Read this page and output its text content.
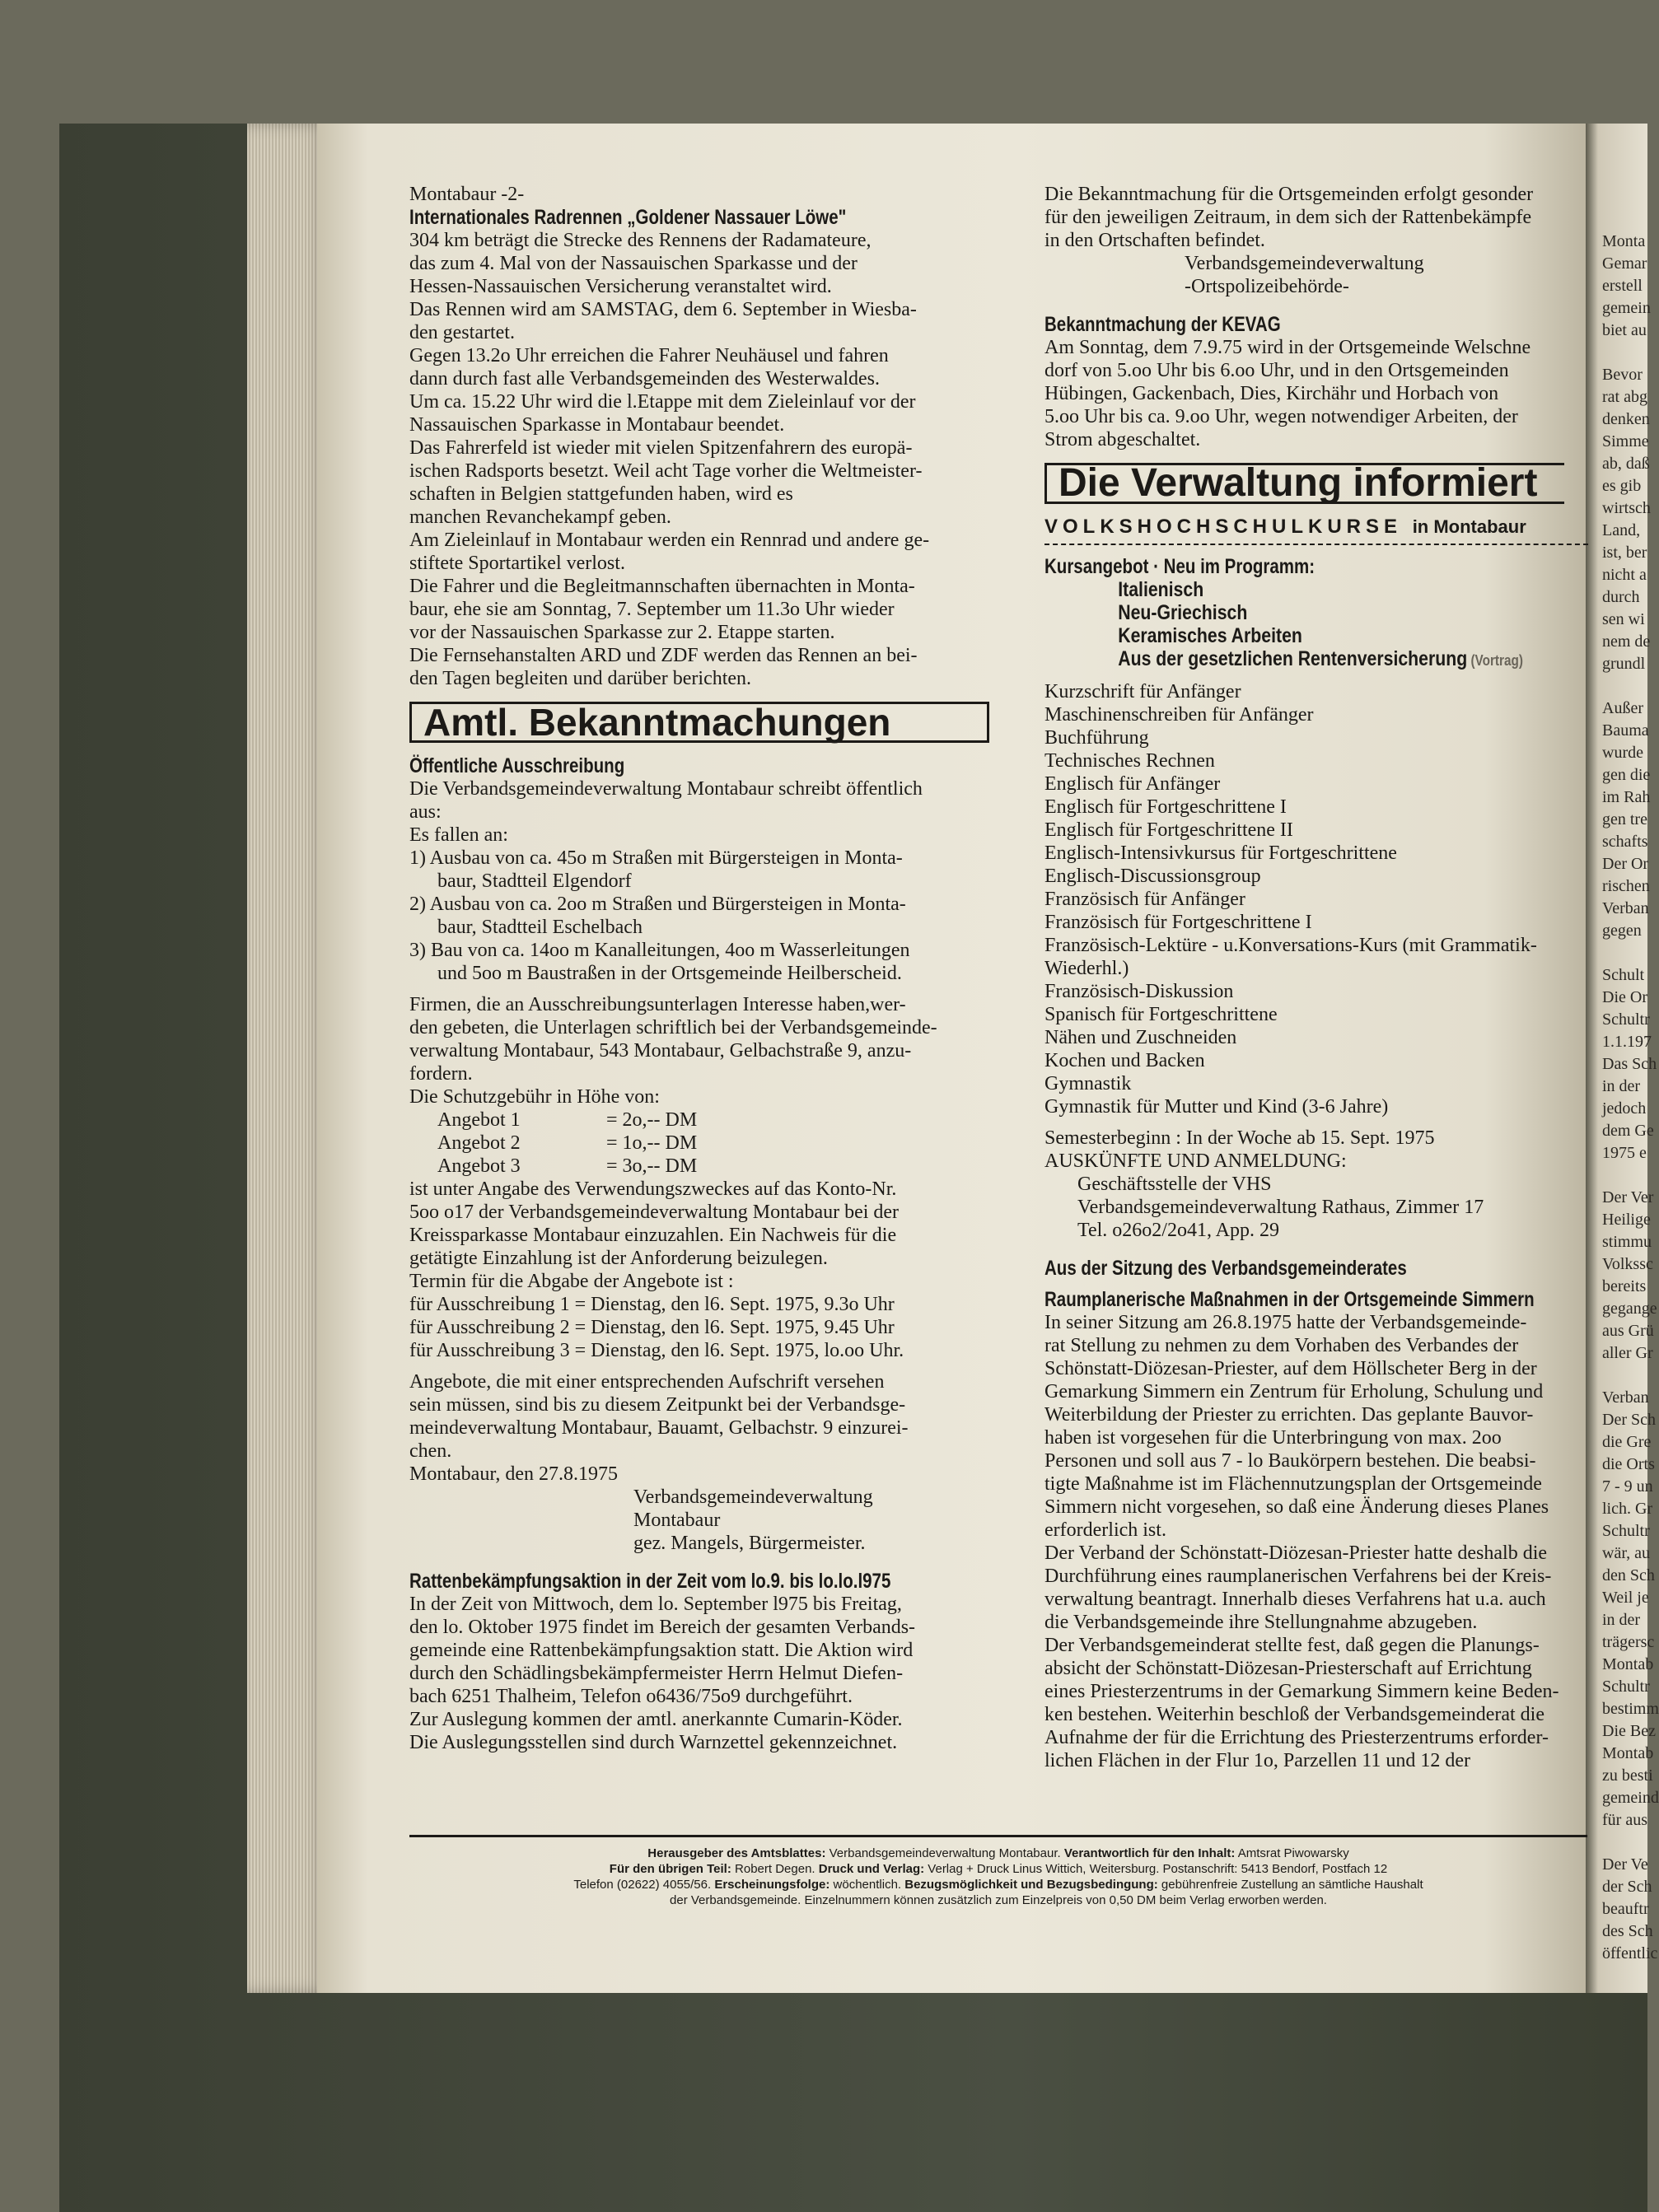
Monta
Gemar
erstell
gemein
biet au

Bevor
rat abg
denken
Simme
ab, daß
es gib
wirtsch
Land,
ist, ber
nicht a
durch
sen wi
nem de
grundl

Außer
Bauma
wurde
gen die
im Rah
gen tre
schafts
Der Or
rischen
Verban
gegen

Schult
Die Or
Schultr
1.1.197
Das Sch
in der
jedoch
dem Ge
1975 e

Der Ver
Heilige
stimmu
Volkssc
bereits
gegange
aus Grü
aller Gr

Verban
Der Sch
die Gre
die Orts
7 - 9 un
lich. Gr
Schultr
wär, au
den Sch
Weil je
in der
trägersc
Montab
Schultr
bestimm
Die Bez
Montab
zu besti
gemeind
für aus

Der Ve
der Sch
beauftr
des Sch
öffentlic

Montabaur -2-

Internationales Radrennen „Goldener Nassauer Löwe"

304 km beträgt die Strecke des Rennens der Radamateure,

das zum 4. Mal von der Nassauischen Sparkasse und der

Hessen-Nassauischen Versicherung veranstaltet wird.

Das Rennen wird am SAMSTAG, dem 6. September in Wiesba-

den gestartet.

Gegen 13.2o Uhr erreichen die Fahrer Neuhäusel und fahren

dann durch fast alle Verbandsgemeinden des Westerwaldes.

Um ca. 15.22 Uhr wird die l.Etappe mit dem Zieleinlauf vor der

Nassauischen Sparkasse in Montabaur beendet.

Das Fahrerfeld ist wieder mit vielen Spitzenfahrern des europä-

ischen Radsports besetzt. Weil acht Tage vorher die Weltmeister-

schaften in Belgien stattgefunden haben, wird es

manchen Revanchekampf geben.

Am Zieleinlauf in Montabaur werden ein Rennrad und andere ge-

stiftete Sportartikel verlost.

Die Fahrer und die Begleitmannschaften übernachten in Monta-

baur, ehe sie am Sonntag, 7. September um 11.3o Uhr wieder

vor der Nassauischen Sparkasse zur 2. Etappe starten.

Die Fernsehanstalten ARD und ZDF werden das Rennen an bei-

den Tagen begleiten und darüber berichten.

Amtl. Bekanntmachungen

Öffentliche Ausschreibung

Die Verbandsgemeindeverwaltung Montabaur schreibt öffentlich

aus:

Es fallen an:

1) Ausbau von ca. 45o m Straßen mit Bürgersteigen in Monta-

baur, Stadtteil Elgendorf

2) Ausbau von ca. 2oo m Straßen und Bürgersteigen in Monta-

baur, Stadtteil Eschelbach

3) Bau von ca. 14oo m Kanalleitungen, 4oo m Wasserleitungen

und 5oo m Baustraßen in der Ortsgemeinde Heilberscheid.

Firmen, die an Ausschreibungsunterlagen Interesse haben,wer-

den gebeten, die Unterlagen schriftlich bei der Verbandsgemeinde-

verwaltung Montabaur, 543 Montabaur, Gelbachstraße 9, anzu-

fordern.

Die Schutzgebühr in Höhe von:

Angebot 1	= 2o,-- DM
Angebot 2	= 1o,-- DM
Angebot 3	= 3o,-- DM

ist unter Angabe des Verwendungszweckes auf das Konto-Nr.

5oo o17 der Verbandsgemeindeverwaltung Montabaur bei der

Kreissparkasse Montabaur einzuzahlen. Ein Nachweis für die

getätigte Einzahlung ist der Anforderung beizulegen.

Termin für die Abgabe der Angebote ist :

für Ausschreibung 1 = Dienstag, den l6. Sept. 1975, 9.3o Uhr

für Ausschreibung 2 = Dienstag, den l6. Sept. 1975, 9.45 Uhr

für Ausschreibung 3 = Dienstag, den l6. Sept. 1975, lo.oo Uhr.

Angebote, die mit einer entsprechenden Aufschrift versehen

sein müssen, sind bis zu diesem Zeitpunkt bei der Verbandsge-

meindeverwaltung Montabaur, Bauamt, Gelbachstr. 9 einzurei-

chen.

Montabaur, den 27.8.1975

Verbandsgemeindeverwaltung

Montabaur

gez. Mangels, Bürgermeister.

Rattenbekämpfungsaktion in der Zeit vom lo.9. bis lo.lo.l975

In der Zeit von Mittwoch, dem lo. September l975 bis Freitag,

den lo. Oktober 1975 findet im Bereich der gesamten Verbands-

gemeinde eine Rattenbekämpfungsaktion statt. Die Aktion wird

durch den Schädlingsbekämpfermeister Herrn Helmut Diefen-

bach 6251 Thalheim, Telefon o6436/75o9 durchgeführt.

Zur Auslegung kommen der amtl. anerkannte Cumarin-Köder.

Die Auslegungsstellen sind durch Warnzettel gekennzeichnet.

Die Bekanntmachung für die Ortsgemeinden erfolgt gesonder

für den jeweiligen Zeitraum, in dem sich der Rattenbekämpfe

in den Ortschaften befindet.

Verbandsgemeindeverwaltung

-Ortspolizeibehörde-

Bekanntmachung der KEVAG

Am Sonntag, dem 7.9.75 wird in der Ortsgemeinde Welschne

dorf von 5.oo Uhr bis 6.oo Uhr, und in den Ortsgemeinden

Hübingen, Gackenbach, Dies, Kirchähr und Horbach von

5.oo Uhr bis ca. 9.oo Uhr, wegen notwendiger Arbeiten, der

Strom abgeschaltet.

Die Verwaltung informiert
VOLKSHOCHSCHULKURSE in Montabaur

Kursangebot · Neu im Programm:

Italienisch

Neu-Griechisch

Keramisches Arbeiten

Aus der gesetzlichen Rentenversicherung (Vortrag)

Kurzschrift für Anfänger

Maschinenschreiben für Anfänger

Buchführung

Technisches Rechnen

Englisch für Anfänger

Englisch für Fortgeschrittene I

Englisch für Fortgeschrittene II

Englisch-Intensivkursus für Fortgeschrittene

Englisch-Discussionsgroup

Französisch für Anfänger

Französisch für Fortgeschrittene I

Französisch-Lektüre - u.Konversations-Kurs (mit Grammatik-

Wiederhl.)

Französisch-Diskussion

Spanisch für Fortgeschrittene

Nähen und Zuschneiden

Kochen und Backen

Gymnastik

Gymnastik für Mutter und Kind (3-6 Jahre)

Semesterbeginn : In der Woche ab 15. Sept. 1975

AUSKÜNFTE UND ANMELDUNG:

Geschäftsstelle der VHS

Verbandsgemeindeverwaltung Rathaus, Zimmer 17

Tel. o26o2/2o41, App. 29

Aus der Sitzung des Verbandsgemeinderates

Raumplanerische Maßnahmen in der Ortsgemeinde Simmern

In seiner Sitzung am 26.8.1975 hatte der Verbandsgemeinde-

rat Stellung zu nehmen zu dem Vorhaben des Verbandes der

Schönstatt-Diözesan-Priester, auf dem Höllscheter Berg in der

Gemarkung Simmern ein Zentrum für Erholung, Schulung und

Weiterbildung der Priester zu errichten. Das geplante Bauvor-

haben ist vorgesehen für die Unterbringung von max. 2oo

Personen und soll aus 7 - lo Baukörpern bestehen. Die beabsi-

tigte Maßnahme ist im Flächennutzungsplan der Ortsgemeinde

Simmern nicht vorgesehen, so daß eine Änderung dieses Planes

erforderlich ist.

Der Verband der Schönstatt-Diözesan-Priester hatte deshalb die

Durchführung eines raumplanerischen Verfahrens bei der Kreis-

verwaltung beantragt. Innerhalb dieses Verfahrens hat u.a. auch

die Verbandsgemeinde ihre Stellungnahme abzugeben.

Der Verbandsgemeinderat stellte fest, daß gegen die Planungs-

absicht der Schönstatt-Diözesan-Priesterschaft auf Errichtung

eines Priesterzentrums in der Gemarkung Simmern keine Beden-

ken bestehen. Weiterhin beschloß der Verbandsgemeinderat die

Aufnahme der für die Errichtung des Priesterzentrums erforder-

lichen Flächen in der Flur 1o, Parzellen 11 und 12 der

Herausgeber des Amtsblattes: Verbandsgemeindeverwaltung Montabaur. Verantwortlich für den Inhalt: Amtsrat Piwowarsky
Für den übrigen Teil: Robert Degen. Druck und Verlag: Verlag + Druck Linus Wittich, Weitersburg. Postanschrift: 5413 Bendorf, Postfach 12
Telefon (02622) 4055/56. Erscheinungsfolge: wöchentlich. Bezugsmöglichkeit und Bezugsbedingung: gebührenfreie Zustellung an sämtliche Haushalt
der Verbandsgemeinde. Einzelnummern können zusätzlich zum Einzelpreis von 0,50 DM beim Verlag erworben werden.
